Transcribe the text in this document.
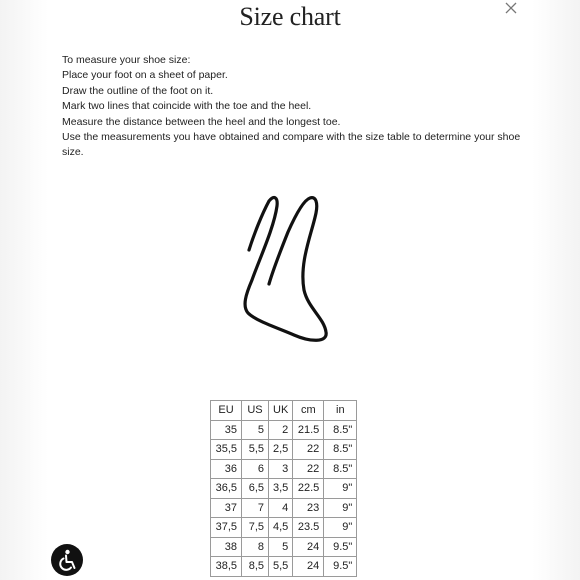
Size chart
To measure your shoe size:
Place your foot on a sheet of paper.
Draw the outline of the foot on it.
Mark two lines that coincide with the toe and the heel.
Measure the distance between the heel and the longest toe.
Use the measurements you have obtained and compare with the size table to determine your shoe size.
EU	US	UK	cm	in
35	5	2	21.5	8.5"
35,5	5,5	2,5	22	8.5"
36	6	3	22	8.5"
36,5	6,5	3,5	22.5	9"
37	7	4	23	9"
37,5	7,5	4,5	23.5	9"
38	8	5	24	9.5"
38,5	8,5	5,5	24	9.5"
